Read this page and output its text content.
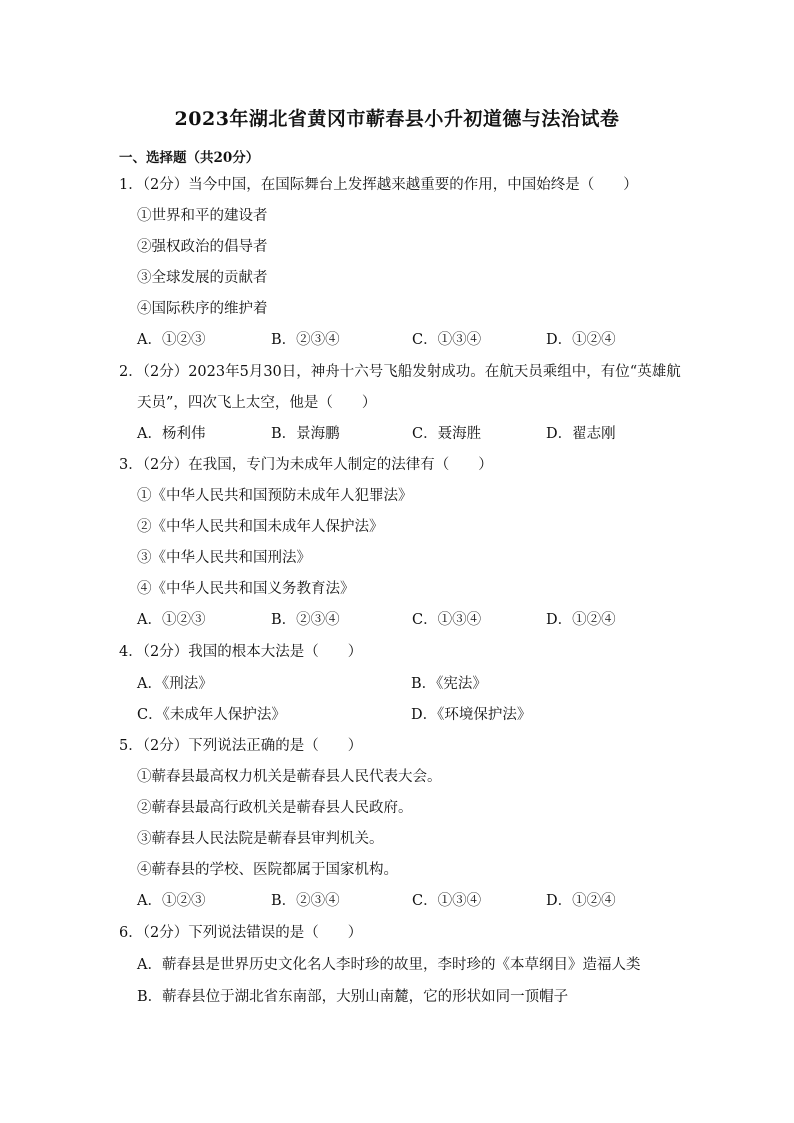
2023年湖北省黄冈市蕲春县小升初道德与法治试卷
一、选择题（共20分）
1．（2分）当今中国，在国际舞台上发挥越来越重要的作用，中国始终是（　　）
①世界和平的建设者
②强权政治的倡导者
③全球发展的贡献者
④国际秩序的维护着
A．①②③	B．②③④	C．①③④	D．①②④
2．（2分）2023年5月30日，神舟十六号飞船发射成功。在航天员乘组中，有位“英雄航
天员”，四次飞上太空，他是（　　）
A．杨利伟	B．景海鹏	C．聂海胜	D．翟志刚
3．（2分）在我国，专门为未成年人制定的法律有（　　）
①《中华人民共和国预防未成年人犯罪法》
②《中华人民共和国未成年人保护法》
③《中华人民共和国刑法》
④《中华人民共和国义务教育法》
A．①②③	B．②③④	C．①③④	D．①②④
4．（2分）我国的根本大法是（　　）
A．《刑法》	B．《宪法》
C．《未成年人保护法》	D．《环境保护法》
5．（2分）下列说法正确的是（　　）
①蕲春县最高权力机关是蕲春县人民代表大会。
②蕲春县最高行政机关是蕲春县人民政府。
③蕲春县人民法院是蕲春县审判机关。
④蕲春县的学校、医院都属于国家机构。
A．①②③	B．②③④	C．①③④	D．①②④
6．（2分）下列说法错误的是（　　）
A．蕲春县是世界历史文化名人李时珍的故里，李时珍的《本草纲目》造福人类
B．蕲春县位于湖北省东南部，大别山南麓，它的形状如同一顶帽子
